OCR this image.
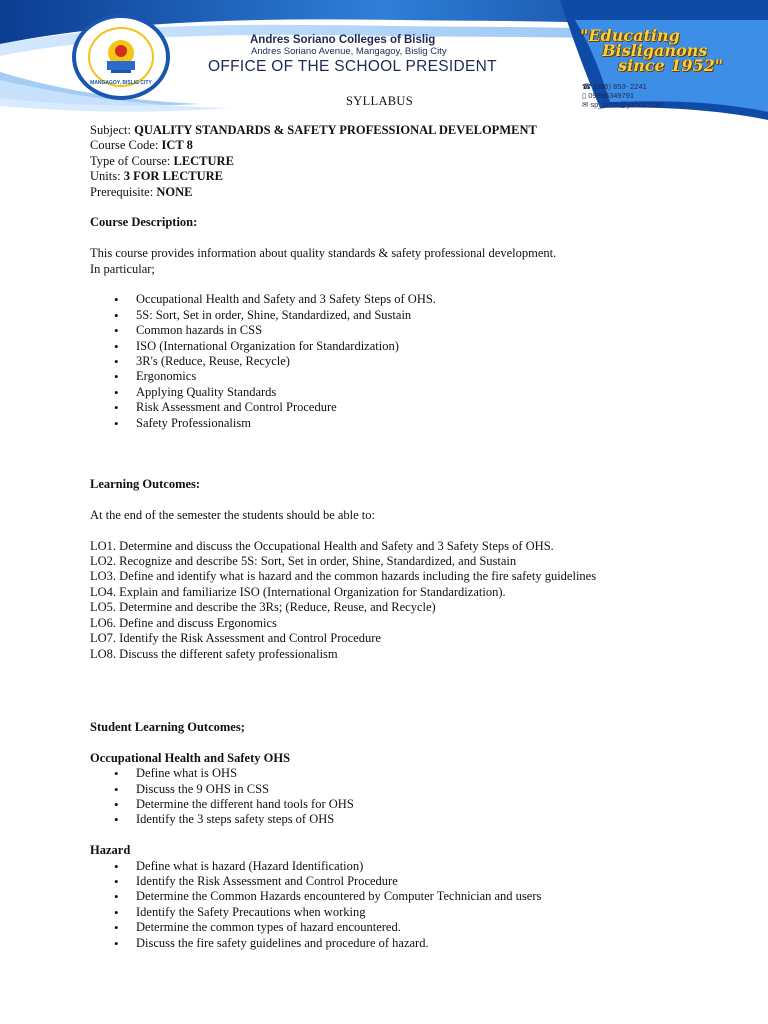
MANGAGOY, BISLIG CITY
Andres Soriano Colleges of Bislig
Andres Soriano Avenue, Mangagoy, Bislig City
OFFICE OF THE SCHOOL PRESIDENT
"Educating
Bisliganons
since 1952"
☎ (086) 853- 2241
▯ 09986349791
✉ sp_pmm@yahoo.com
SYLLABUS

Subject: QUALITY STANDARDS & SAFETY PROFESSIONAL DEVELOPMENT

Course Code: ICT 8

Type of Course: LECTURE

Units: 3 FOR LECTURE

Prerequisite: NONE

Course Description:

This course provides information about quality standards & safety professional development.

In particular;

• Occupational Health and Safety and 3 Safety Steps of OHS.
• 5S: Sort, Set in order, Shine, Standardized, and Sustain
• Common hazards in CSS
• ISO (International Organization for Standardization)
• 3R's (Reduce, Reuse, Recycle)
• Ergonomics
• Applying Quality Standards
• Risk Assessment and Control Procedure
• Safety Professionalism

Learning Outcomes:

At the end of the semester the students should be able to:

LO1. Determine and discuss the Occupational Health and Safety and 3 Safety Steps of OHS.

LO2. Recognize and describe 5S: Sort, Set in order, Shine, Standardized, and Sustain

LO3. Define and identify what is hazard and the common hazards including the fire safety guidelines

LO4. Explain and familiarize ISO (International Organization for Standardization).

LO5. Determine and describe the 3Rs; (Reduce, Reuse, and Recycle)

LO6. Define and discuss Ergonomics

LO7. Identify the Risk Assessment and Control Procedure

LO8. Discuss the different safety professionalism

Student Learning Outcomes;

Occupational Health and Safety OHS

• Define what is OHS
• Discuss the 9 OHS in CSS
• Determine the different hand tools for OHS
• Identify the 3 steps safety steps of OHS

Hazard

• Define what is hazard (Hazard Identification)
• Identify the Risk Assessment and Control Procedure
• Determine the Common Hazards encountered by Computer Technician and users
• Identify the Safety Precautions when working
• Determine the common types of hazard encountered.
• Discuss the fire safety guidelines and procedure of hazard.
